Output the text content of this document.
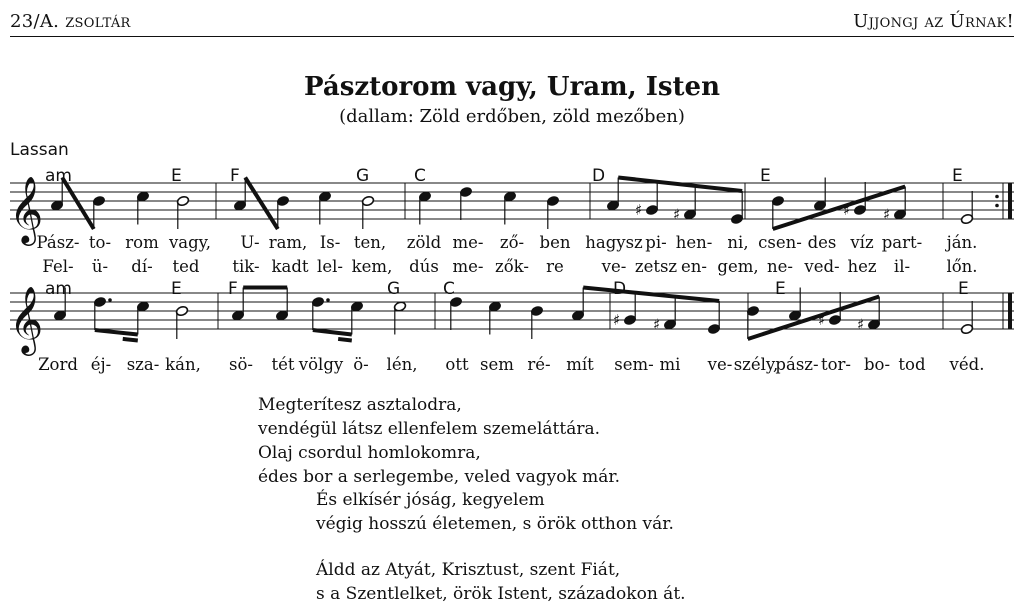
23/A. zsoltár	Ujjongj az Úrnak!
Pásztorom vagy, Uram, Isten
(dallam: Zöld erdőben, zöld mezőben)
Lassan
𝄞	♯ ♯	♯ ♯
𝄞	♯ ♯	♯ ♯
am	E	F	G	C	D	E	E
Pász- to- rom vagy, U- ram, Is- ten, zöld me- ző- ben hagysz pi- hen- ni, csen- des víz part- ján.
Fel- ü- dí- ted tik- kadt lel- kem, dús me- zők- re ve- zetsz en- gem, ne- ved- hez il- lőn.
am	E	F	G	C	D	E	E
Zord éj- sza- kán, sö- tét völgy ö- lén, ott sem ré- mít sem- mi ve- szély,
pász- tor- bo- tod véd.
Megterítesz asztalodra,
vendégül látsz ellenfelem szemeláttára.
Olaj csordul homlokomra,
édes bor a serlegembe, veled vagyok már.
És elkísér jóság, kegyelem
végig hosszú életemen, s örök otthon vár.
Áldd az Atyát, Krisztust, szent Fiát,
s a Szentlelket, örök Istent, századokon át.
